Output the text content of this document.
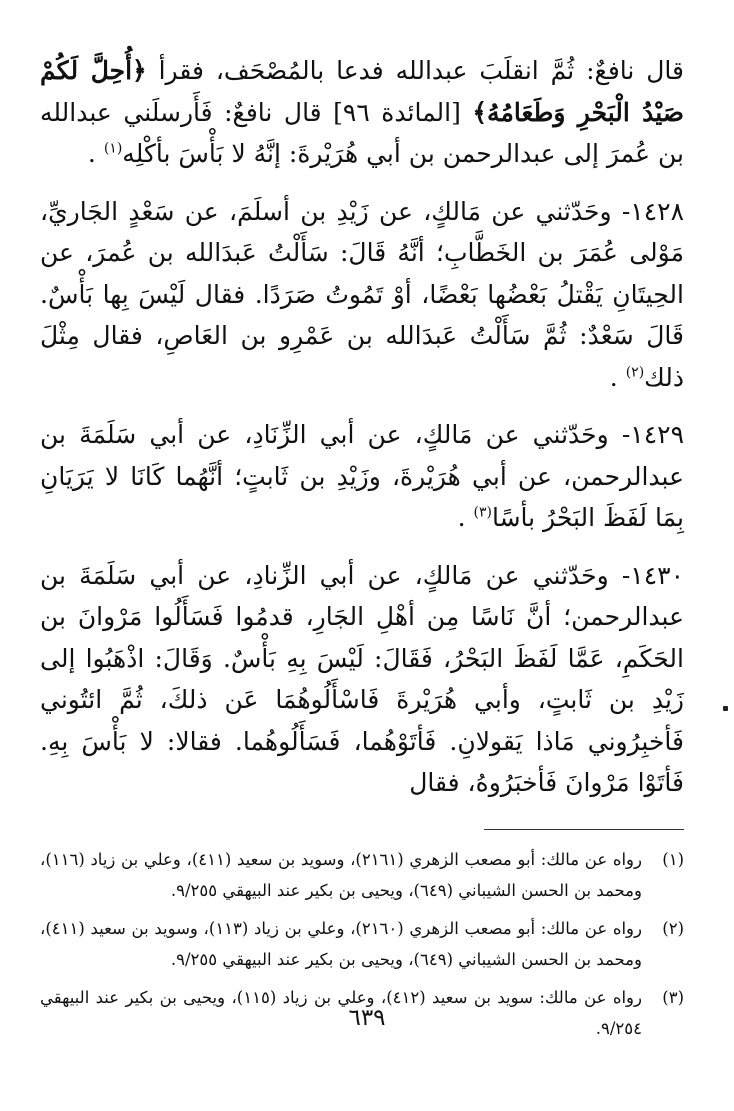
قال نافعٌ: ثُمَّ انقلَبَ عبدالله فدعا بالمُصْحَف، فقرأ

﴿أُحِلَّ لَكُمْ صَيْدُ الْبَحْرِ وَطَعَامُهُ﴾

[المائدة ٩٦] قال نافعٌ: فَأَرسلَني عبدالله بن عُمرَ إلى عبدالرحمن بن أبي هُرَيْرةَ: إنَّهُ لا بَأْسَ بأكْلِه

$^{(١)}$ .

١٤٢٨- وحَدّثني عن مَالكٍ، عن زَيْدِ بن أسلَمَ، عن سَعْدٍ الجَاريِّ، مَوْلى عُمَرَ بن الخَطَّابِ؛ أنَّهُ قَالَ: سَأَلْتُ عَبدَالله بن عُمرَ، عن الحِيتَانِ يَقْتلُ بَعْضُها بَعْضًا، أوْ تَمُوتُ صَرَدًا. فقال لَيْسَ بِها بَأْسٌ. قَالَ سَعْدٌ: ثُمَّ سَأَلْتُ عَبدَالله بن عَمْرِو بن العَاصِ، فقال مِثْلَ ذلك

$^{(٢)}$ .

١٤٢٩- وحَدّثني عن مَالكٍ، عن أبي الزِّنَادِ، عن أبي سَلَمَةَ بن عبدالرحمن، عن أبي هُرَيْرةَ، وزَيْدِ بن ثَابتٍ؛ أنَّهُما كَانَا لا يَرَيَانِ بِمَا لَفَظَ البَحْرُ بأسًا

$^{(٣)}$ .

١٤٣٠- وحَدّثني عن مَالكٍ، عن أبي الزِّنادِ، عن أبي سَلَمَةَ بن عبدالرحمن؛ أنَّ نَاسًا مِن أهْلِ الجَارِ، قدمُوا فَسَأَلُوا مَرْوانَ بن الحَكَمِ، عَمَّا لَفَظَ البَحْرُ، فَقَالَ: لَيْسَ بِهِ بَأْسٌ. وَقَالَ: اذْهَبُوا إلى زَيْدِ بن ثَابتٍ، وأبي هُرَيْرةَ فَاسْأَلُوهُمَا عَن ذلكَ، ثُمَّ ائتُوني فَأخبِرُوني مَاذا يَقولانِ. فَأتَوْهُما، فَسَأَلُوهُما. فقالا: لا بَأْسَ بِهِ. فَأتَوْا مَرْوانَ فَأخبَرُوهُ، فقال

(١)
رواه عن مالك: أبو مصعب الزهري (٢١٦١)، وسويد بن سعيد (٤١١)، وعلي بن زياد (١١٦)، ومحمد بن الحسن الشيباني (٦٤٩)، ويحيى بن بكير عند البيهقي ٩/٢٥٥.
(٢)
رواه عن مالك: أبو مصعب الزهري (٢١٦٠)، وعلي بن زياد (١١٣)، وسويد بن سعيد (٤١١)، ومحمد بن الحسن الشيباني (٦٤٩)، ويحيى بن بكير عند البيهقي ٩/٢٥٥.
(٣)
رواه عن مالك: سويد بن سعيد (٤١٢)، وعلي بن زياد (١١٥)، ويحيى بن بكير عند البيهقي ٩/٢٥٤.
٦٣٩
